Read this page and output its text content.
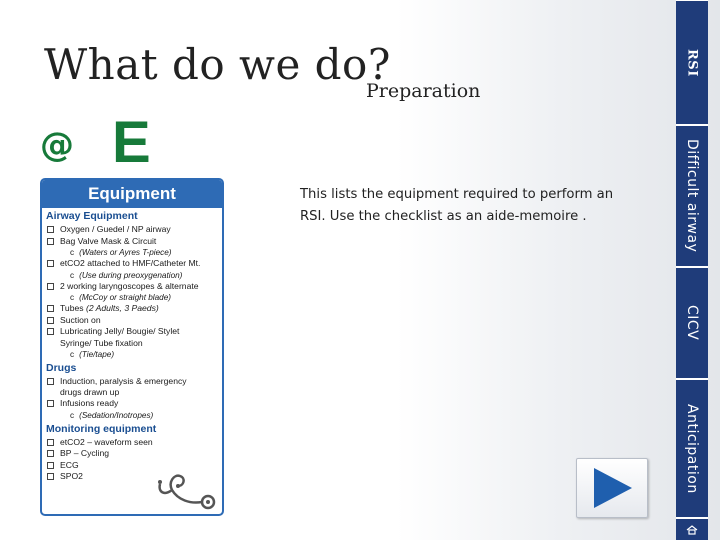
What do we do?
Preparation
@ E
This lists the equipment required to perform an RSI. Use the checklist as an aide-memoire .
Equipment
Airway Equipment
Oxygen / Guedel / NP airway
Bag Valve Mask & Circuit
c (Waters or Ayres T-piece)
etCO2 attached to HMF/Catheter Mt.
c (Use during preoxygenation)
2 working laryngoscopes & alternate
c (McCoy or straight blade)
Tubes (2 Adults, 3 Paeds)
Suction on
Lubricating Jelly/ Bougie/ Stylet
Syringe/ Tube fixation
c (Tie/tape)
Drugs
Induction, paralysis & emergency
drugs drawn up
Infusions ready
c (Sedation/Inotropes)
Monitoring equipment
etCO2 – waveform seen
BP – Cycling
ECG
SPO2
RSI
Difficult airway
CICV
Anticipation
